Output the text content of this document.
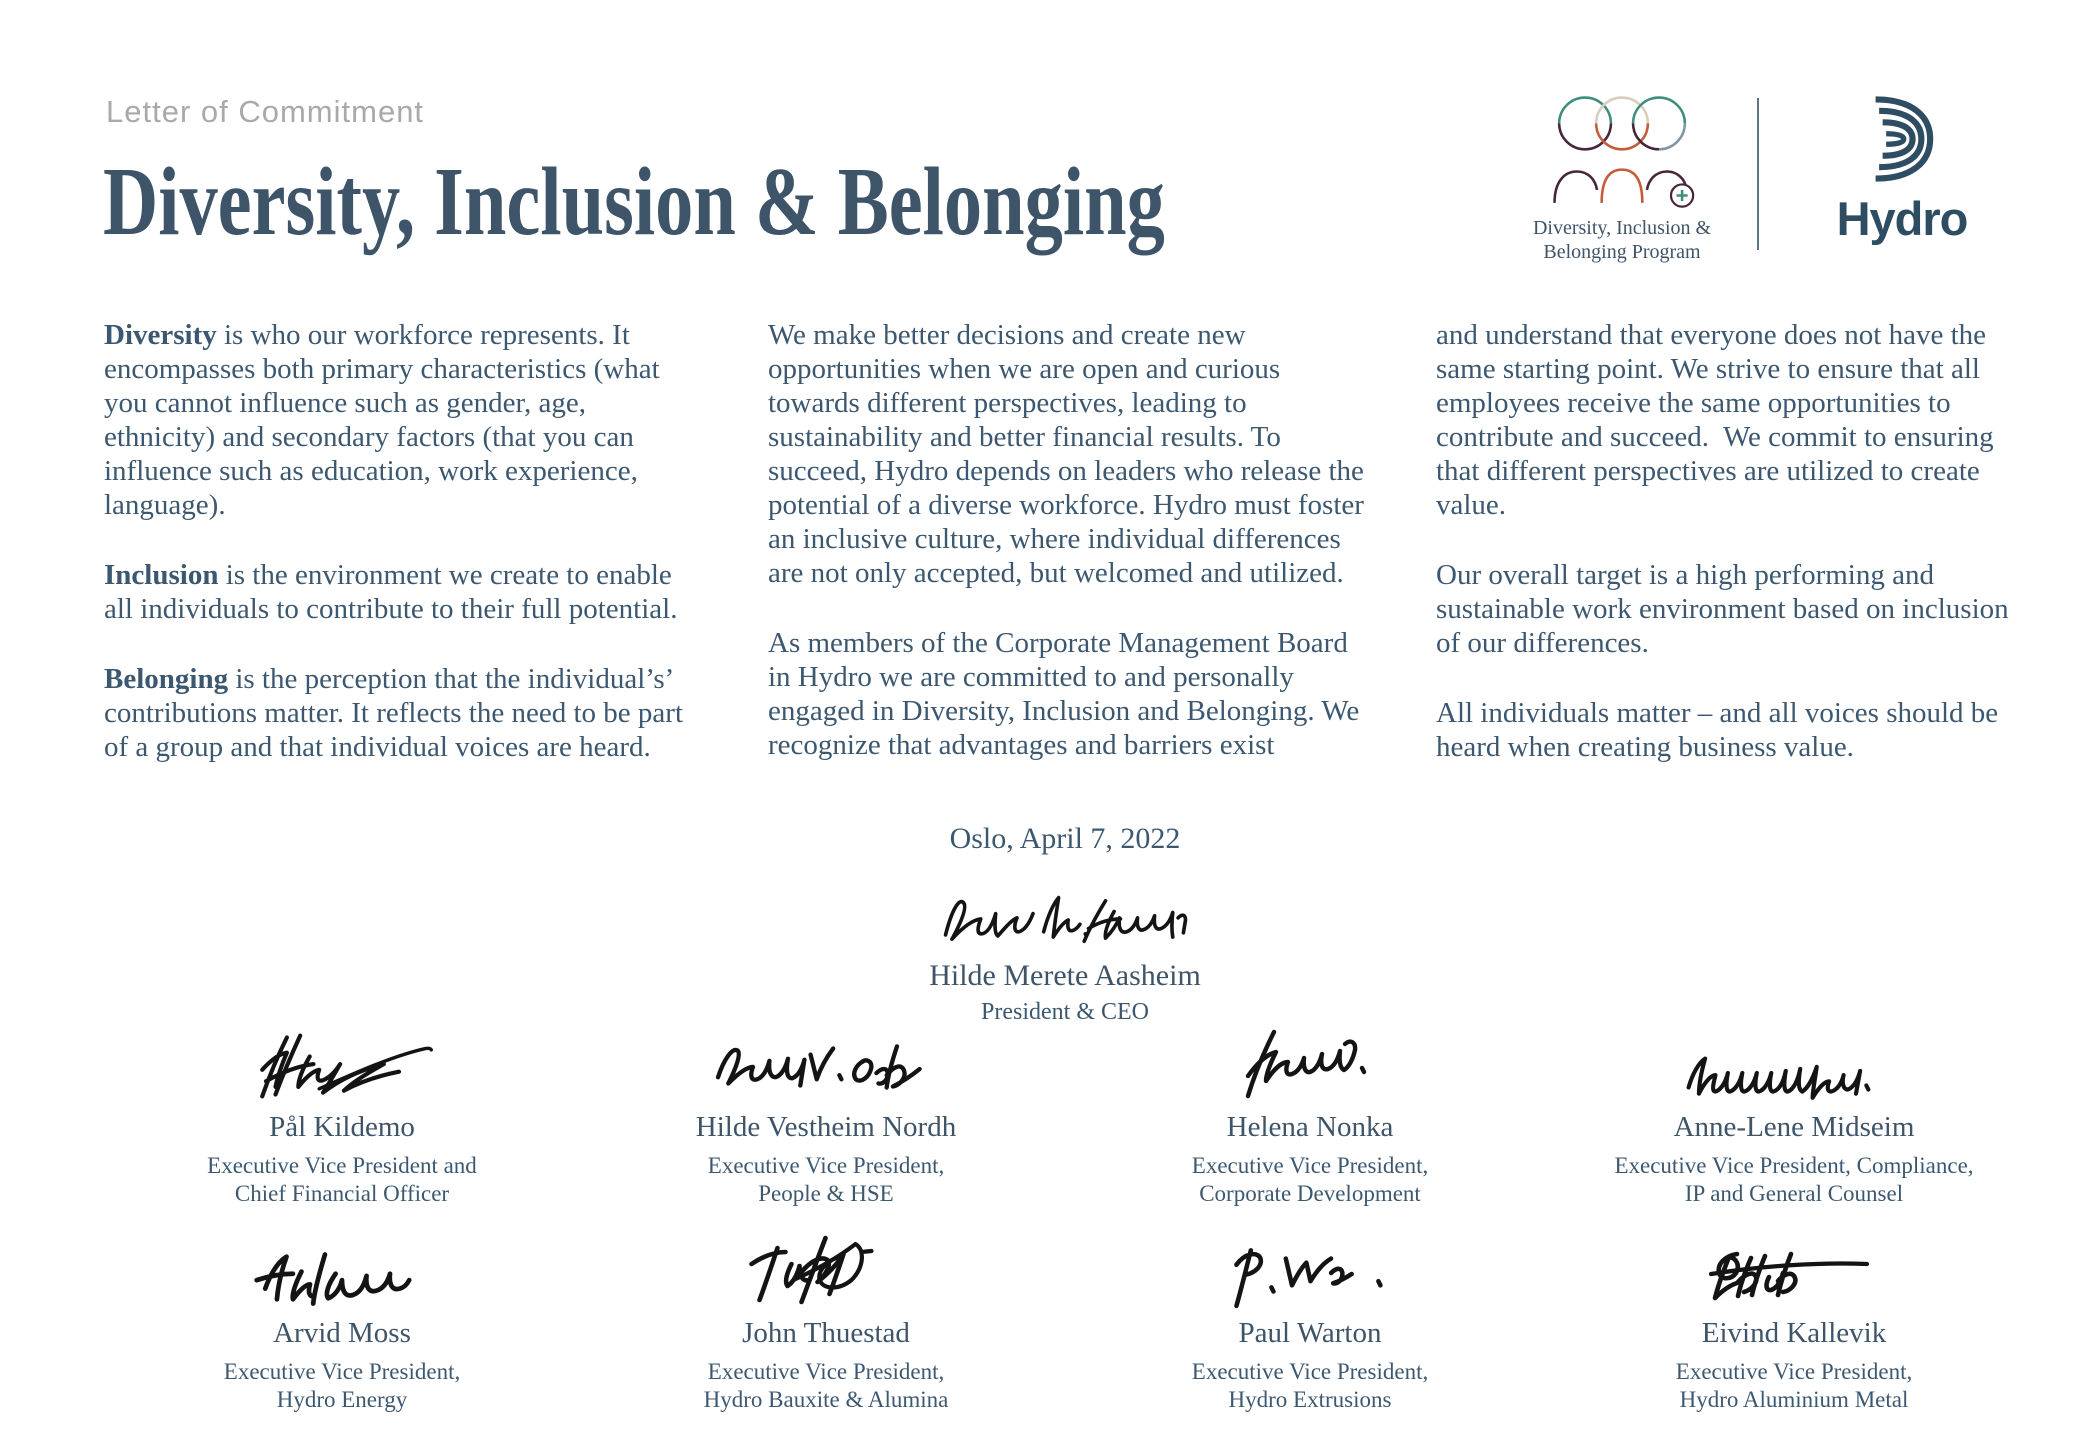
Letter of Commitment
Diversity, Inclusion & Belonging	Diversity, Inclusion &
Belonging Program
Hydro

Diversity is who our workforce represents. It encompasses both primary characteristics (what you cannot influence such as gender, age, ethnicity) and secondary factors (that you can influence such as education, work experience, language).

Inclusion is the environment we create to enable all individuals to contribute to their full potential.

Belonging is the perception that the individual’s’ contributions matter. It reflects the need to be part of a group and that individual voices are heard.

We make better decisions and create new opportunities when we are open and curious towards different perspectives, leading to sustainability and better financial results. To succeed, Hydro depends on leaders who release the potential of a diverse workforce. Hydro must foster an inclusive culture, where individual differences are not only accepted, but welcomed and utilized.

As members of the Corporate Management Board in Hydro we are committed to and personally engaged in Diversity, Inclusion and Belonging. We recognize that advantages and barriers exist

and understand that everyone does not have the same starting point. We strive to ensure that all employees receive the same opportunities to contribute and succeed.  We commit to ensuring that different perspectives are utilized to create value.

Our overall target is a high performing and sustainable work environment based on inclusion of our differences.

All individuals matter – and all voices should be heard when creating business value.

Oslo, April 7, 2022
Hilde Merete Aasheim
President & CEO
Pål Kildemo
Executive Vice President and
Chief Financial Officer
Hilde Vestheim Nordh
Executive Vice President,
People & HSE
Helena Nonka
Executive Vice President,
Corporate Development
Anne-Lene Midseim
Executive Vice President, Compliance,
IP and General Counsel
Arvid Moss
Executive Vice President,
Hydro Energy
John Thuestad
Executive Vice President,
Hydro Bauxite & Alumina
Paul Warton
Executive Vice President,
Hydro Extrusions
Eivind Kallevik
Executive Vice President,
Hydro Aluminium Metal
